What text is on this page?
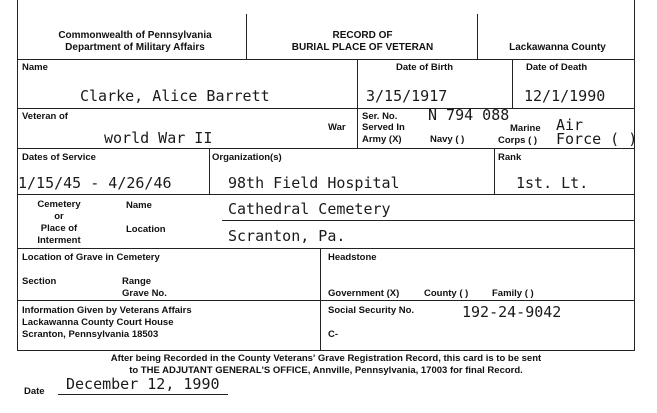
Commonwealth of Pennsylvania
Department of Military Affairs
RECORD OF
BURIAL PLACE OF VETERAN	Lackawanna County
Name
Clarke, Alice Barrett
Date of Birth
3/15/1917
Date of Death
12/1/1990
Veteran of
world War II
War
Ser. No. N 794 088
Served In
Army (X)	Navy ( )
Marine
Corps ( )
Air
Force ( )
Dates of Service
1/15/45 - 4/26/46
Organization(s)
98th Field Hospital
Rank
1st. Lt.
Cemetery
or
Place of
Interment
Name	Cathedral Cemetery
Location	Scranton, Pa.
Location of Grave in Cemetery
Section	Range
Grave No.
Headstone
Government (X)	County ( ) Family ( )
Information Given by Veterans Affairs
Lackawanna County Court House
Scranton, Pennsylvania 18503
Social Security No.	192-24-9042
C-
After being Recorded in the County Veterans' Grave Registration Record, this card is to be sent
to THE ADJUTANT GENERAL'S OFFICE, Annville, Pennsylvania, 17003 for final Record.
Date December 12, 1990
